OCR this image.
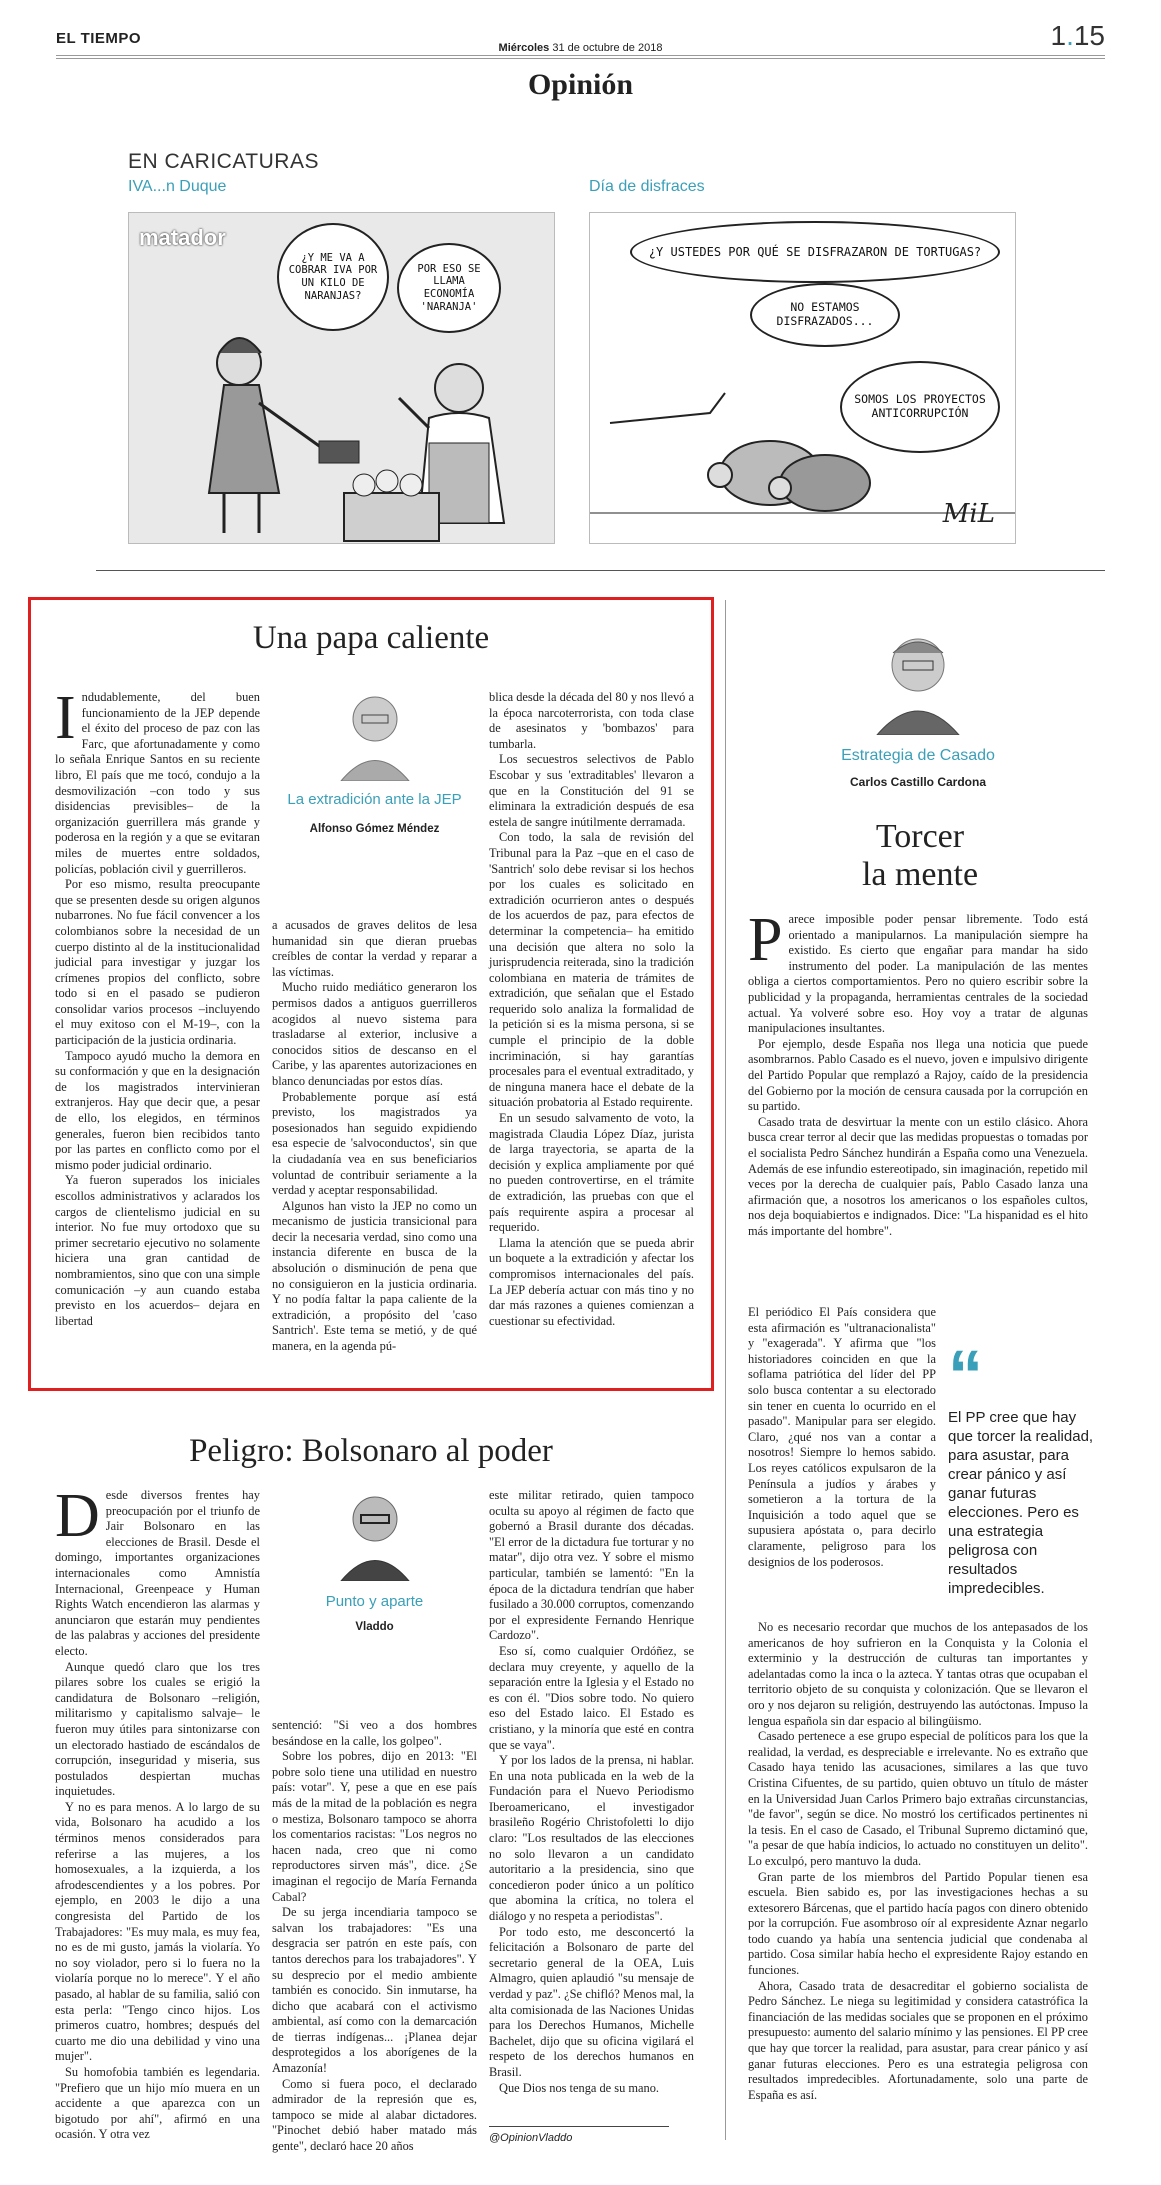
EL TIEMPO	1.15
Miércoles 31 de octubre de 2018
Opinión
EN CARICATURAS
IVA...n Duque	Día de disfraces
matador
¿Y ME VA A COBRAR IVA POR UN KILO DE NARANJAS?
POR ESO SE LLAMA ECONOMÍA 'NARANJA'
¿Y USTEDES POR QUÉ SE DISFRAZARON DE TORTUGAS?
NO ESTAMOS DISFRAZADOS...
SOMOS LOS PROYECTOS ANTICORRUPCIÓN
MiL
Una papa caliente

Indudablemente, del buen funcionamiento de la JEP depende el éxito del proceso de paz con las Farc, que afortunadamente y como lo señala Enrique Santos en su reciente libro, El país que me tocó, condujo a la desmovilización –con todo y sus disidencias previsibles– de la organización guerrillera más grande y poderosa en la región y a que se evitaran miles de muertes entre soldados, policías, población civil y guerrilleros.

Por eso mismo, resulta preocupante que se presenten desde su origen algunos nubarrones. No fue fácil convencer a los colombianos sobre la necesidad de un cuerpo distinto al de la institucionalidad judicial para investigar y juzgar los crímenes propios del conflicto, sobre todo si en el pasado se pudieron consolidar varios procesos –incluyendo el muy exitoso con el M-19–, con la participación de la justicia ordinaria.

Tampoco ayudó mucho la demora en su conformación y que en la designación de los magistrados intervinieran extranjeros. Hay que decir que, a pesar de ello, los elegidos, en términos generales, fueron bien recibidos tanto por las partes en conflicto como por el mismo poder judicial ordinario.

Ya fueron superados los iniciales escollos administrativos y aclarados los cargos de clientelismo judicial en su interior. No fue muy ortodoxo que su primer secretario ejecutivo no solamente hiciera una gran cantidad de nombramientos, sino que con una simple comunicación –y aun cuando estaba previsto en los acuerdos– dejara en libertad

La extradición ante la JEP
Alfonso Gómez Méndez

a acusados de graves delitos de lesa humanidad sin que dieran pruebas creíbles de contar la verdad y reparar a las víctimas.

Mucho ruido mediático generaron los permisos dados a antiguos guerrilleros acogidos al nuevo sistema para trasladarse al exterior, inclusive a conocidos sitios de descanso en el Caribe, y las aparentes autorizaciones en blanco denunciadas por estos días.

Probablemente porque así está previsto, los magistrados ya posesionados han seguido expidiendo esa especie de 'salvoconductos', sin que la ciudadanía vea en sus beneficiarios voluntad de contribuir seriamente a la verdad y aceptar responsabilidad.

Algunos han visto la JEP no como un mecanismo de justicia transicional para decir la necesaria verdad, sino como una instancia diferente en busca de la absolución o disminución de pena que no consiguieron en la justicia ordinaria. Y no podía faltar la papa caliente de la extradición, a propósito del 'caso Santrich'. Este tema se metió, y de qué manera, en la agenda pú-

blica desde la década del 80 y nos llevó a la época narcoterrorista, con toda clase de asesinatos y 'bombazos' para tumbarla.

Los secuestros selectivos de Pablo Escobar y sus 'extraditables' llevaron a que en la Constitución del 91 se eliminara la extradición después de esa estela de sangre inútilmente derramada.

Con todo, la sala de revisión del Tribunal para la Paz –que en el caso de 'Santrich' solo debe revisar si los hechos por los cuales es solicitado en extradición ocurrieron antes o después de los acuerdos de paz, para efectos de determinar la competencia– ha emitido una decisión que altera no solo la jurisprudencia reiterada, sino la tradición colombiana en materia de trámites de extradición, que señalan que el Estado requerido solo analiza la formalidad de la petición si es la misma persona, si se cumple el principio de la doble incriminación, si hay garantías procesales para el eventual extraditado, y de ninguna manera hace el debate de la situación probatoria al Estado requirente.

En un sesudo salvamento de voto, la magistrada Claudia López Díaz, jurista de larga trayectoria, se aparta de la decisión y explica ampliamente por qué no pueden controvertirse, en el trámite de extradición, las pruebas con que el país requirente aspira a procesar al requerido.

Llama la atención que se pueda abrir un boquete a la extradición y afectar los compromisos internacionales del país. La JEP debería actuar con más tino y no dar más razones a quienes comienzan a cuestionar su efectividad.

Peligro: Bolsonaro al poder

Desde diversos frentes hay preocupación por el triunfo de Jair Bolsonaro en las elecciones de Brasil. Desde el domingo, importantes organizaciones internacionales como Amnistía Internacional, Greenpeace y Human Rights Watch encendieron las alarmas y anunciaron que estarán muy pendientes de las palabras y acciones del presidente electo.

Aunque quedó claro que los tres pilares sobre los cuales se erigió la candidatura de Bolsonaro –religión, militarismo y capitalismo salvaje– le fueron muy útiles para sintonizarse con un electorado hastiado de escándalos de corrupción, inseguridad y miseria, sus postulados despiertan muchas inquietudes.

Y no es para menos. A lo largo de su vida, Bolsonaro ha acudido a los términos menos considerados para referirse a las mujeres, a los homosexuales, a la izquierda, a los afrodescendientes y a los pobres. Por ejemplo, en 2003 le dijo a una congresista del Partido de los Trabajadores: "Es muy mala, es muy fea, no es de mi gusto, jamás la violaría. Yo no soy violador, pero si lo fuera no la violaría porque no lo merece". Y el año pasado, al hablar de su familia, salió con esta perla: "Tengo cinco hijos. Los primeros cuatro, hombres; después del cuarto me dio una debilidad y vino una mujer".

Su homofobia también es legendaria. "Prefiero que un hijo mío muera en un accidente a que aparezca con un bigotudo por ahí", afirmó en una ocasión. Y otra vez

Punto y aparte
Vladdo

sentenció: "Si veo a dos hombres besándose en la calle, los golpeo".

Sobre los pobres, dijo en 2013: "El pobre solo tiene una utilidad en nuestro país: votar". Y, pese a que en ese país más de la mitad de la población es negra o mestiza, Bolsonaro tampoco se ahorra los comentarios racistas: "Los negros no hacen nada, creo que ni como reproductores sirven más", dice. ¿Se imaginan el regocijo de María Fernanda Cabal?

De su jerga incendiaria tampoco se salvan los trabajadores: "Es una desgracia ser patrón en este país, con tantos derechos para los trabajadores". Y su desprecio por el medio ambiente también es conocido. Sin inmutarse, ha dicho que acabará con el activismo ambiental, así como con la demarcación de tierras indígenas... ¡Planea dejar desprotegidos a los aborígenes de la Amazonía!

Como si fuera poco, el declarado admirador de la represión que es, tampoco se mide al alabar dictadores. "Pinochet debió haber matado más gente", declaró hace 20 años

este militar retirado, quien tampoco oculta su apoyo al régimen de facto que gobernó a Brasil durante dos décadas. "El error de la dictadura fue torturar y no matar", dijo otra vez. Y sobre el mismo particular, también se lamentó: "En la época de la dictadura tendrían que haber fusilado a 30.000 corruptos, comenzando por el expresidente Fernando Henrique Cardozo".

Eso sí, como cualquier Ordóñez, se declara muy creyente, y aquello de la separación entre la Iglesia y el Estado no es con él. "Dios sobre todo. No quiero eso del Estado laico. El Estado es cristiano, y la minoría que esté en contra que se vaya".

Y por los lados de la prensa, ni hablar. En una nota publicada en la web de la Fundación para el Nuevo Periodismo Iberoamericano, el investigador brasileño Rogério Christofoletti lo dijo claro: "Los resultados de las elecciones no solo llevaron a un candidato autoritario a la presidencia, sino que concedieron poder único a un político que abomina la crítica, no tolera el diálogo y no respeta a periodistas".

Por todo esto, me desconcertó la felicitación a Bolsonaro de parte del secretario general de la OEA, Luis Almagro, quien aplaudió "su mensaje de verdad y paz". ¿Se chifló? Menos mal, la alta comisionada de las Naciones Unidas para los Derechos Humanos, Michelle Bachelet, dijo que su oficina vigilará el respeto de los derechos humanos en Brasil.

Que Dios nos tenga de su mano.

@OpinionVladdo
Estrategia de Casado
Carlos Castillo Cardona
Torcer
la mente

Parece imposible poder pensar libremente. Todo está orientado a manipularnos. La manipulación siempre ha existido. Es cierto que engañar para mandar ha sido instrumento del poder. La manipulación de las mentes obliga a ciertos comportamientos. Pero no quiero escribir sobre la publicidad y la propaganda, herramientas centrales de la sociedad actual. Ya volveré sobre eso. Hoy voy a tratar de algunas manipulaciones insultantes.

Por ejemplo, desde España nos llega una noticia que puede asombrarnos. Pablo Casado es el nuevo, joven e impulsivo dirigente del Partido Popular que remplazó a Rajoy, caído de la presidencia del Gobierno por la moción de censura causada por la corrupción en su partido.

Casado trata de desvirtuar la mente con un estilo clásico. Ahora busca crear terror al decir que las medidas propuestas o tomadas por el socialista Pedro Sánchez hundirán a España como una Venezuela. Además de ese infundio estereotipado, sin imaginación, repetido mil veces por la derecha de cualquier país, Pablo Casado lanza una afirmación que, a nosotros los americanos o los españoles cultos, nos deja boquiabiertos e indignados. Dice: "La hispanidad es el hito más importante del hombre".

El periódico El País considera que esta afirmación es "ultranacionalista" y "exagerada". Y afirma que "los historiadores coinciden en que la soflama patriótica del líder del PP solo busca contentar a su electorado sin tener en cuenta lo ocurrido en el pasado". Manipular para ser elegido. Claro, ¿qué nos van a contar a nosotros! Siempre lo hemos sabido. Los reyes católicos expulsaron de la Península a judíos y árabes y sometieron a la tortura de la Inquisición a todo aquel que se supusiera apóstata o, para decirlo claramente, peligroso para los designios de los poderosos.

“
El PP cree que hay que torcer la realidad, para asustar, para crear pánico y así ganar futuras elecciones. Pero es una estrategia peligrosa con resultados impredecibles.

No es necesario recordar que muchos de los antepasados de los americanos de hoy sufrieron en la Conquista y la Colonia el exterminio y la destrucción de culturas tan importantes y adelantadas como la inca o la azteca. Y tantas otras que ocupaban el territorio objeto de su conquista y colonización. Que se llevaron el oro y nos dejaron su religión, destruyendo las autóctonas. Impuso la lengua española sin dar espacio al bilingüismo.

Casado pertenece a ese grupo especial de políticos para los que la realidad, la verdad, es despreciable e irrelevante. No es extraño que Casado haya tenido las acusaciones, similares a las que tuvo Cristina Cifuentes, de su partido, quien obtuvo un título de máster en la Universidad Juan Carlos Primero bajo extrañas circunstancias, "de favor", según se dice. No mostró los certificados pertinentes ni la tesis. En el caso de Casado, el Tribunal Supremo dictaminó que, "a pesar de que había indicios, lo actuado no constituyen un delito". Lo exculpó, pero mantuvo la duda.

Gran parte de los miembros del Partido Popular tienen esa escuela. Bien sabido es, por las investigaciones hechas a su extesorero Bárcenas, que el partido hacía pagos con dinero obtenido por la corrupción. Fue asombroso oír al expresidente Aznar negarlo todo cuando ya había una sentencia judicial que condenaba al partido. Cosa similar había hecho el expresidente Rajoy estando en funciones.

Ahora, Casado trata de desacreditar el gobierno socialista de Pedro Sánchez. Le niega su legitimidad y considera catastrófica la financiación de las medidas sociales que se proponen en el próximo presupuesto: aumento del salario mínimo y las pensiones. El PP cree que hay que torcer la realidad, para asustar, para crear pánico y así ganar futuras elecciones. Pero es una estrategia peligrosa con resultados impredecibles. Afortunadamente, solo una parte de España es así.
